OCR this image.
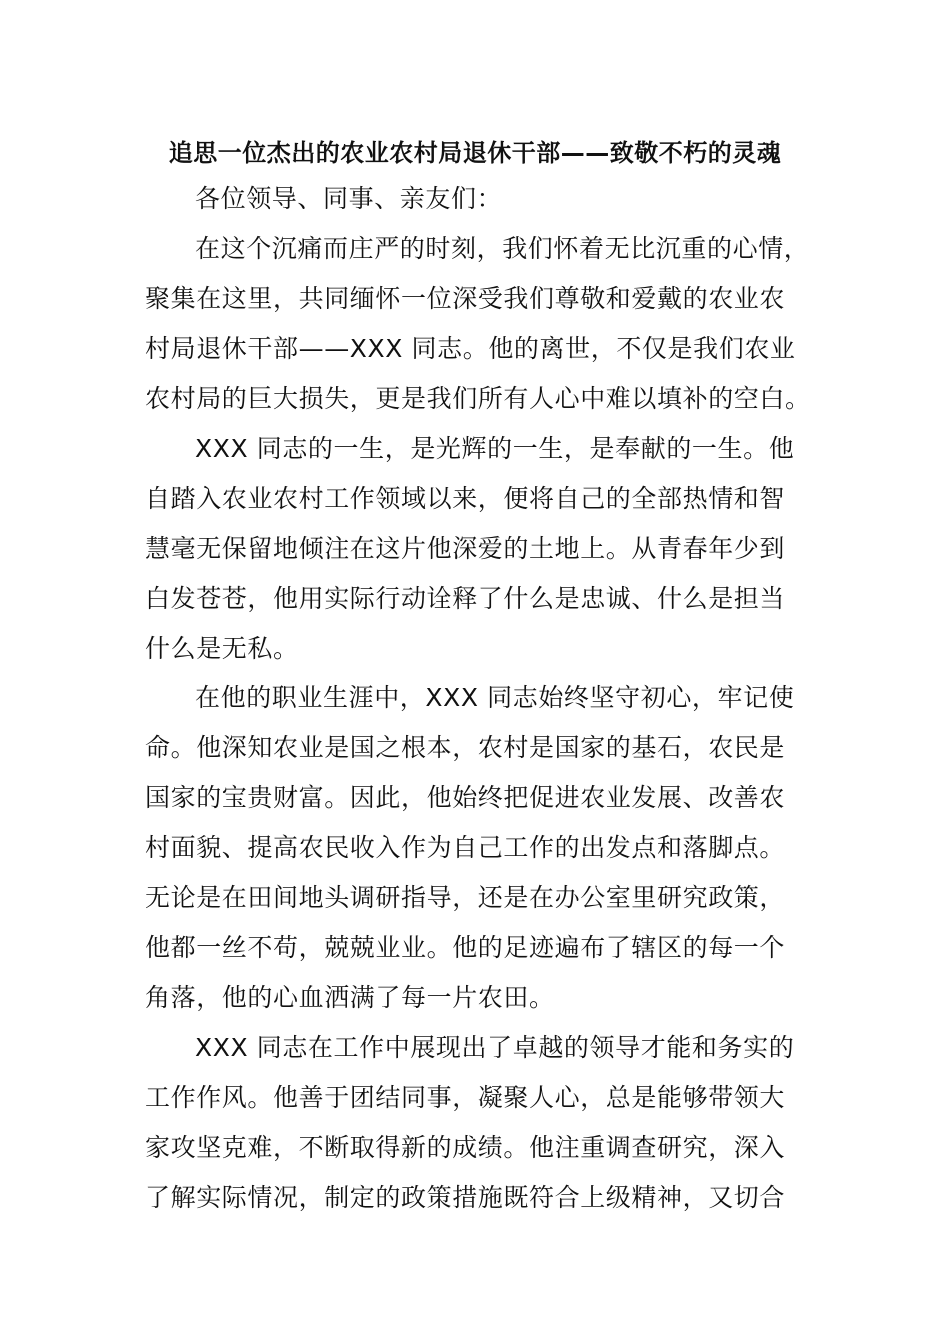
追思一位杰出的农业农村局退休干部——致敬不朽的灵魂
各位领导、同事、亲友们：
在这个沉痛而庄严的时刻，我们怀着无比沉重的心情，
聚集在这里，共同缅怀一位深受我们尊敬和爱戴的农业农
村局退休干部——XXX 同志。他的离世，不仅是我们农业
农村局的巨大损失，更是我们所有人心中难以填补的空白。
XXX 同志的一生，是光辉的一生，是奉献的一生。他
自踏入农业农村工作领域以来，便将自己的全部热情和智
慧毫无保留地倾注在这片他深爱的土地上。从青春年少到
白发苍苍，他用实际行动诠释了什么是忠诚、什么是担当
什么是无私。
在他的职业生涯中，XXX 同志始终坚守初心，牢记使
命。他深知农业是国之根本，农村是国家的基石，农民是
国家的宝贵财富。因此，他始终把促进农业发展、改善农
村面貌、提高农民收入作为自己工作的出发点和落脚点。
无论是在田间地头调研指导，还是在办公室里研究政策，
他都一丝不苟，兢兢业业。他的足迹遍布了辖区的每一个
角落，他的心血洒满了每一片农田。
XXX 同志在工作中展现出了卓越的领导才能和务实的
工作作风。他善于团结同事，凝聚人心，总是能够带领大
家攻坚克难，不断取得新的成绩。他注重调查研究，深入
了解实际情况，制定的政策措施既符合上级精神，又切合
